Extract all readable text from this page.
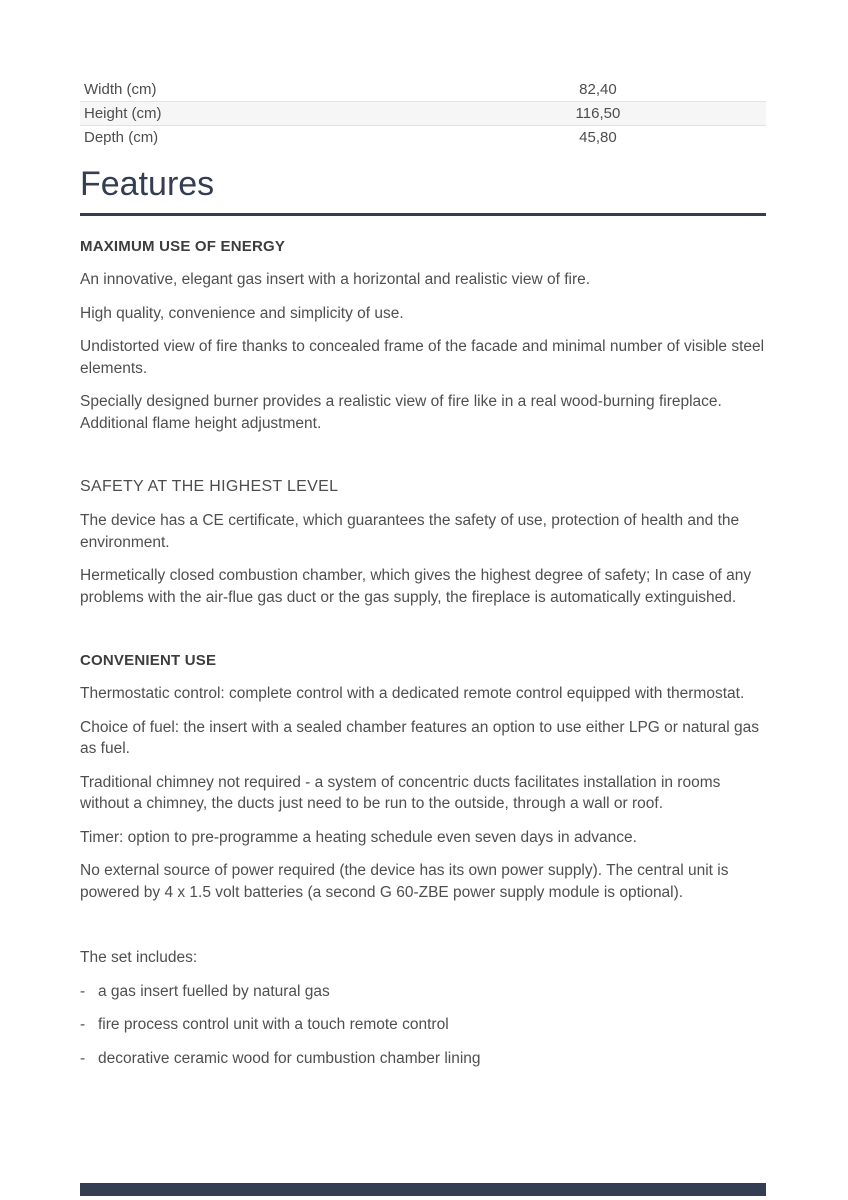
Width (cm)	82,40
Height (cm)	116,50
Depth (cm)	45,80
Features
MAXIMUM USE OF ENERGY

An innovative, elegant gas insert with a horizontal and realistic view of fire.

High quality, convenience and simplicity of use.

Undistorted view of fire thanks to concealed frame of the facade and minimal number of visible steel elements.

Specially designed burner provides a realistic view of fire like in a real wood-burning fireplace. Additional flame height adjustment.

SAFETY AT THE HIGHEST LEVEL

The device has a CE certificate, which guarantees the safety of use, protection of health and the environment.

Hermetically closed combustion chamber, which gives the highest degree of safety; In case of any problems with the air-flue gas duct or the gas supply, the fireplace is automatically extinguished.

CONVENIENT USE

Thermostatic control: complete control with a dedicated remote control equipped with thermostat.

Choice of fuel: the insert with a sealed chamber features an option to use either LPG or natural gas as fuel.

Traditional chimney not required - a system of concentric ducts facilitates installation in rooms without a chimney, the ducts just need to be run to the outside, through a wall or roof.

Timer: option to pre-programme a heating schedule even seven days in advance.

No external source of power required (the device has its own power supply). The central unit is powered by 4 x 1.5 volt batteries (a second G 60-ZBE power supply module is optional).

The set includes:

- a gas insert fuelled by natural gas
- fire process control unit with a touch remote control
- decorative ceramic wood for cumbustion chamber lining
